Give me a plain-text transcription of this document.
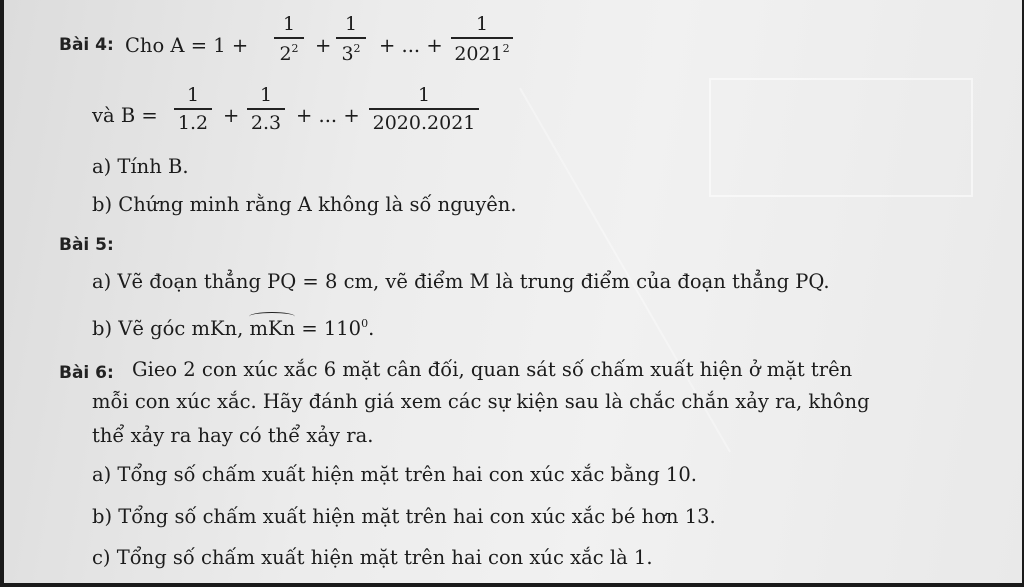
Bài 4: Cho A = 1 +
1
$2^2$ +
1
$3^2$ + ... +
1
2021$^2$
và B =
1
1.2 +
1
2.3 + ... +
1
2020.2021
a) Tính B.
b) Chứng minh rằng A không là số nguyên.
Bài 5:
a) Vẽ đoạn thẳng PQ = 8 cm, vẽ điểm M là trung điểm của đoạn thẳng PQ.
b) Vẽ góc mKn, mKn = $110^0$.
Bài 6: Gieo 2 con xúc xắc 6 mặt cân đối, quan sát số chấm xuất hiện ở mặt trên
mỗi con xúc xắc. Hãy đánh giá xem các sự kiện sau là chắc chắn xảy ra, không
thể xảy ra hay có thể xảy ra.
a) Tổng số chấm xuất hiện mặt trên hai con xúc xắc bằng 10.
b) Tổng số chấm xuất hiện mặt trên hai con xúc xắc bé hơn 13.
c) Tổng số chấm xuất hiện mặt trên hai con xúc xắc là 1.
